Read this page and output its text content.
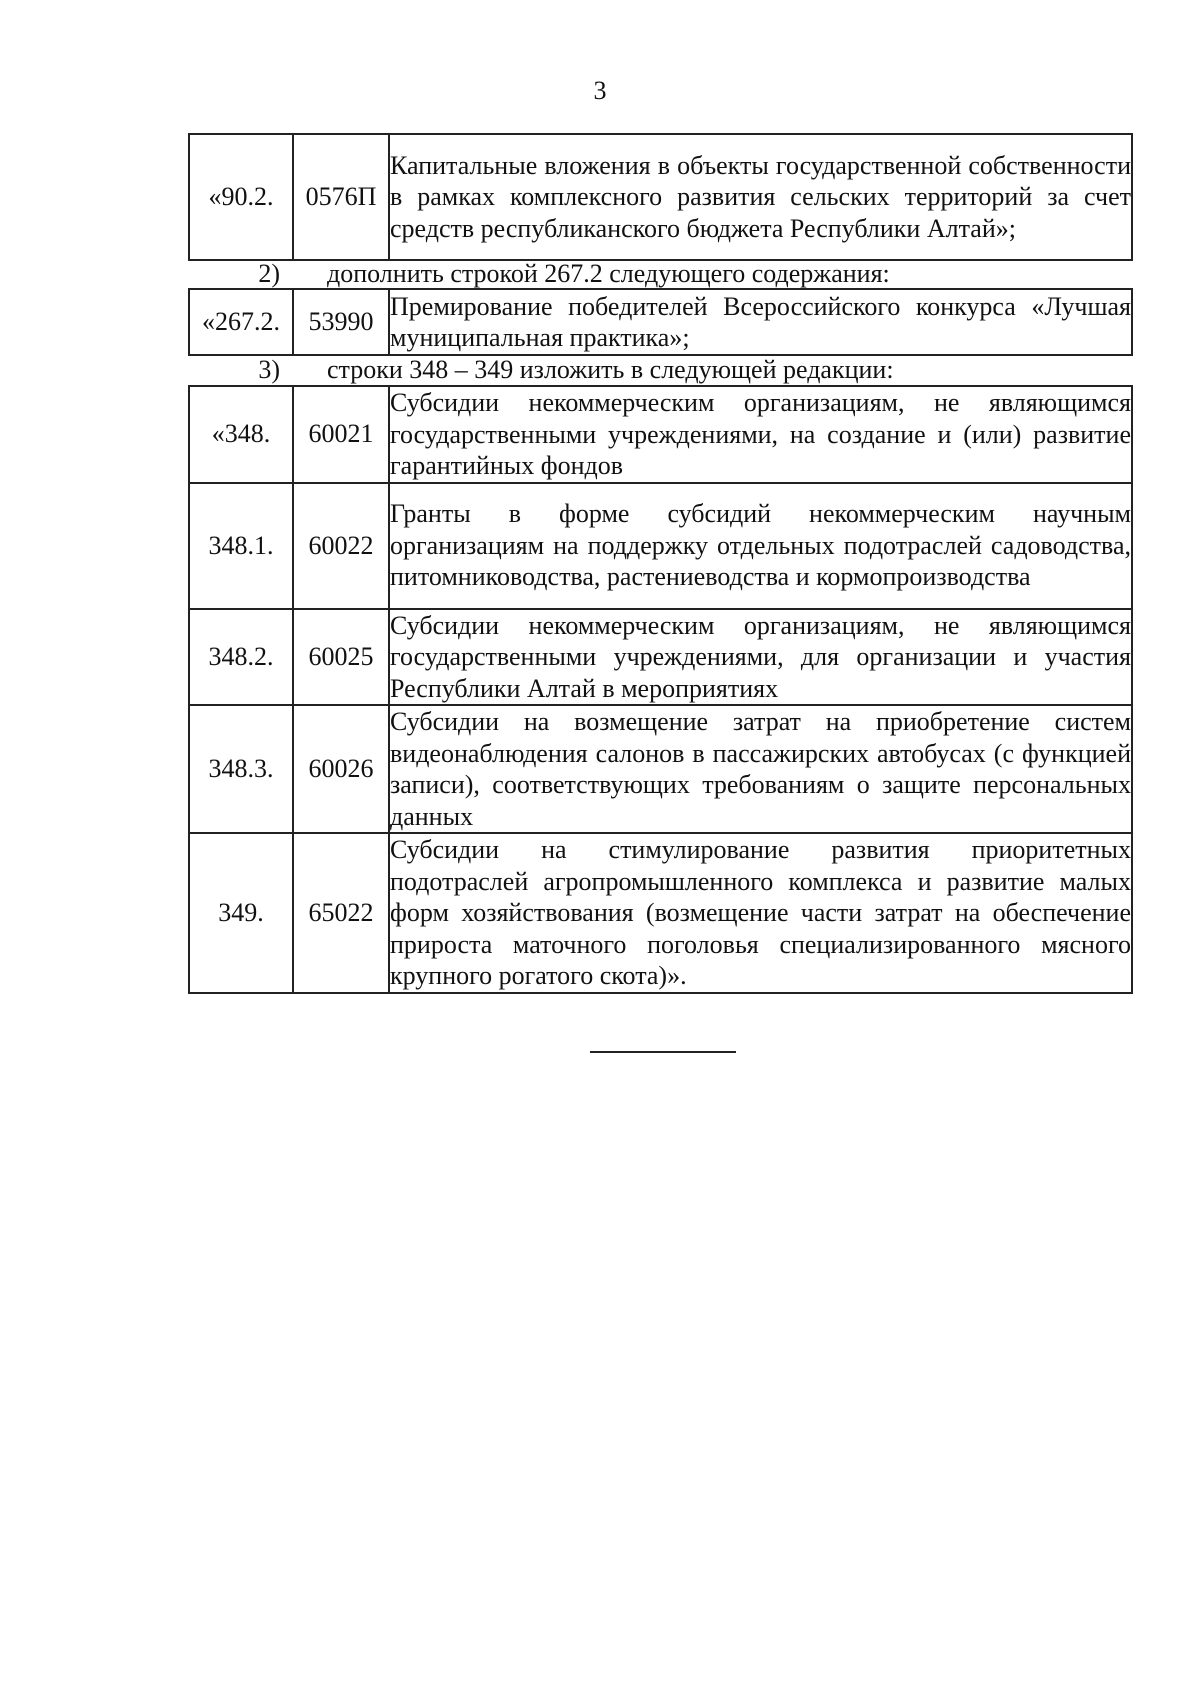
3
«90.2.	0576П	Капитальные вложения в объекты государственной собственности в рамках комплексного развития сельских территорий за счет средств республиканского бюджета Республики Алтай»;
2) дополнить строкой 267.2 следующего содержания:
«267.2.	53990	Премирование победителей Всероссийского конкурса «Лучшая муниципальная практика»;
3) строки 348 – 349 изложить в следующей редакции:
«348.	60021	Субсидии некоммерческим организациям, не являющимся государственными учреждениями, на создание и (или) развитие гарантийных фондов
348.1.	60022	Гранты в форме субсидий некоммерческим научным организациям на поддержку отдельных подотраслей садоводства, питомниководства, растениеводства и кормопроизводства
348.2.	60025	Субсидии некоммерческим организациям, не являющимся государственными учреждениями, для организации и участия Республики Алтай в мероприятиях
348.3.	60026	Субсидии на возмещение затрат на приобретение систем видеонаблюдения салонов в пассажирских автобусах (с функцией записи), соответствующих требованиям о защите персональных данных
349.	65022	Субсидии на стимулирование развития приоритетных подотраслей агропромышленного комплекса и развитие малых форм хозяйствования (возмещение части затрат на обеспечение прироста маточного поголовья специализированного мясного крупного рогатого скота)».
